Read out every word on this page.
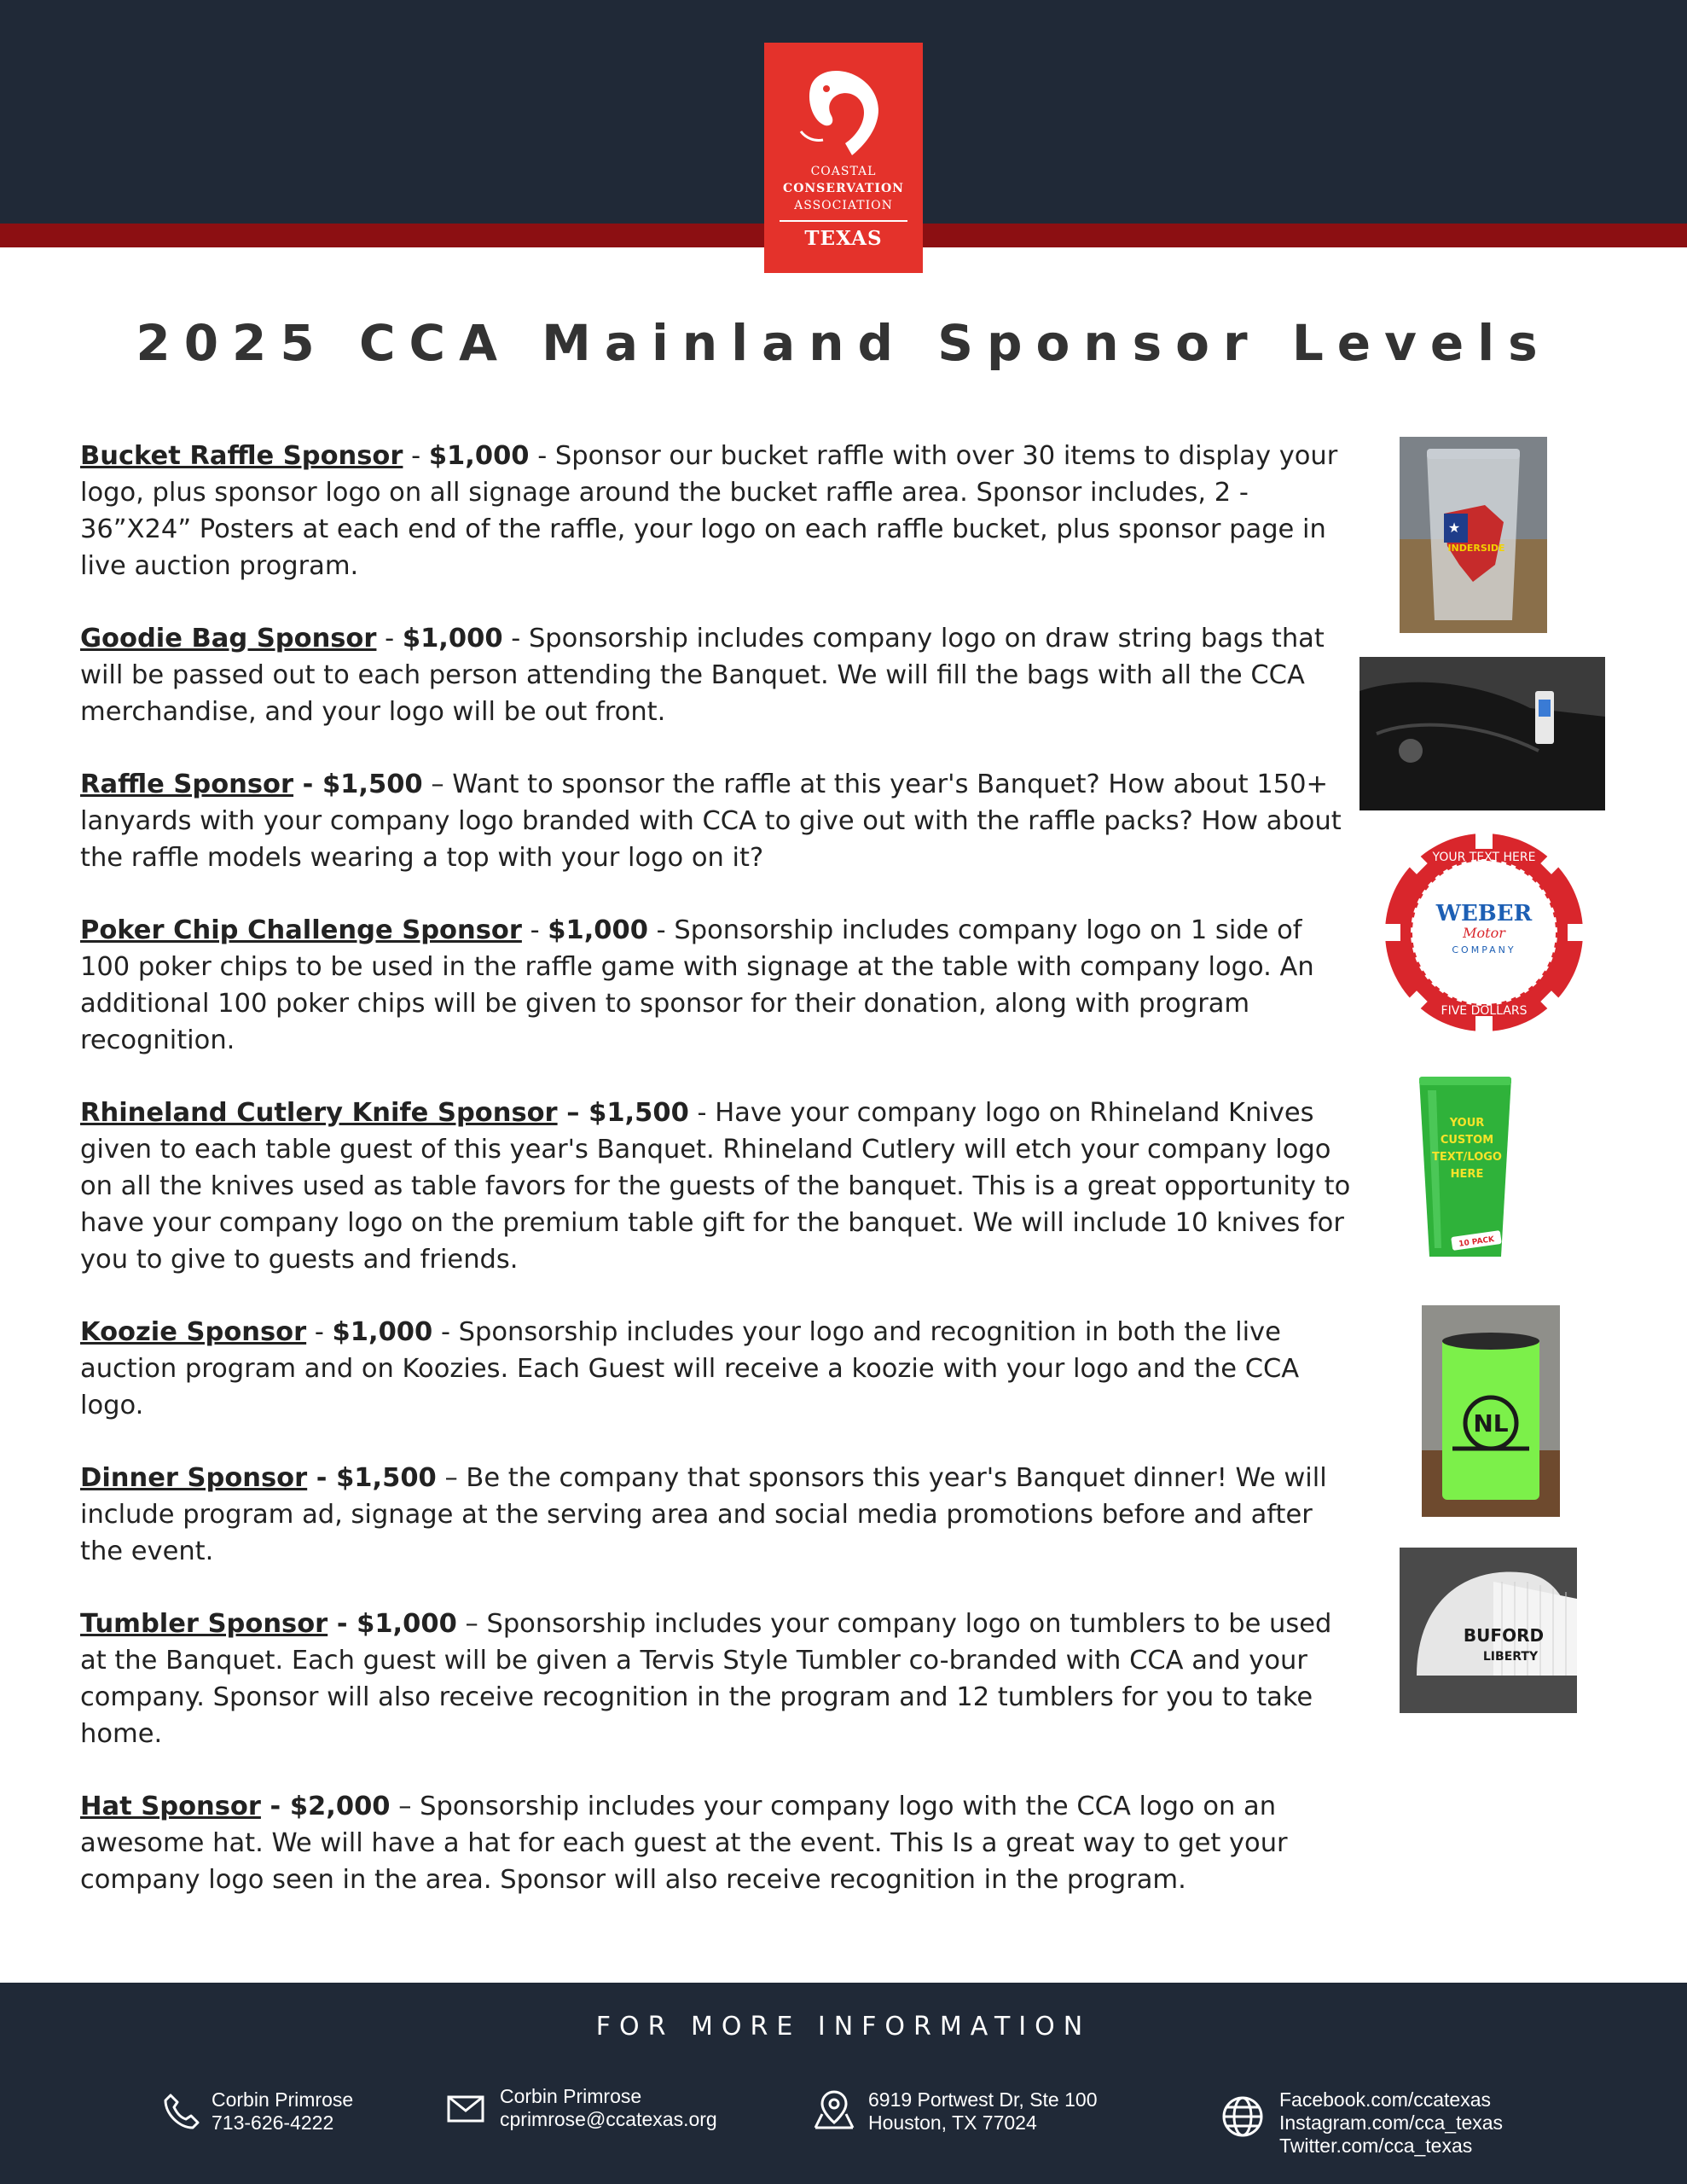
COASTAL
CONSERVATION
ASSOCIATION
TEXAS
2025 CCA Mainland Sponsor Levels

Bucket Raffle Sponsor - $1,000 - Sponsor our bucket raffle with over 30 items to display your logo, plus sponsor logo on all signage around the bucket raffle area. Sponsor includes, 2 - 36”X24” Posters at each end of the raffle, your logo on each raffle bucket, plus sponsor page in live auction program.

Goodie Bag Sponsor - $1,000 - Sponsorship includes company logo on draw string bags that will be passed out to each person attending the Banquet. We will fill the bags with all the CCA merchandise, and your logo will be out front.

Raffle Sponsor - $1,500 – Want to sponsor the raffle at this year's Banquet? How about 150+ lanyards with your company logo branded with CCA to give out with the raffle packs? How about the raffle models wearing a top with your logo on it?

Poker Chip Challenge Sponsor - $1,000 - Sponsorship includes company logo on 1 side of 100 poker chips to be used in the raffle game with signage at the table with company logo. An additional 100 poker chips will be given to sponsor for their donation, along with program recognition.

Rhineland Cutlery Knife Sponsor – $1,500 - Have your company logo on Rhineland Knives given to each table guest of this year's Banquet. Rhineland Cutlery will etch your company logo on all the knives used as table favors for the guests of the banquet. This is a great opportunity to have your company logo on the premium table gift for the banquet. We will include 10 knives for you to give to guests and friends.

Koozie Sponsor - $1,000 - Sponsorship includes your logo and recognition in both the live auction program and on Koozies. Each Guest will receive a koozie with your logo and the CCA logo.

Dinner Sponsor - $1,500 – Be the company that sponsors this year's Banquet dinner! We will include program ad, signage at the serving area and social media promotions before and after the event.

Tumbler Sponsor - $1,000 – Sponsorship includes your company logo on tumblers to be used at the Banquet. Each guest will be given a Tervis Style Tumbler co-branded with CCA and your company. Sponsor will also receive recognition in the program and 12 tumblers for you to take home.

Hat Sponsor - $2,000 – Sponsorship includes your company logo with the CCA logo on an awesome hat. We will have a hat for each guest at the event. This Is a great way to get your company logo seen in the area. Sponsor will also receive recognition in the program.

★
INDERSIDE
WEBER
Motor
COMPANY
YOUR TEXT HERE
FIVE DOLLARS
YOUR
CUSTOM
TEXT/LOGO
HERE
10 PACK
NL
BUFORD
LIBERTY
FOR MORE INFORMATION
Corbin Primrose
713-626-4222
Corbin Primrose
cprimrose@ccatexas.org
6919 Portwest Dr, Ste 100
Houston, TX 77024
Facebook.com/ccatexas
Instagram.com/cca_texas
Twitter.com/cca_texas
